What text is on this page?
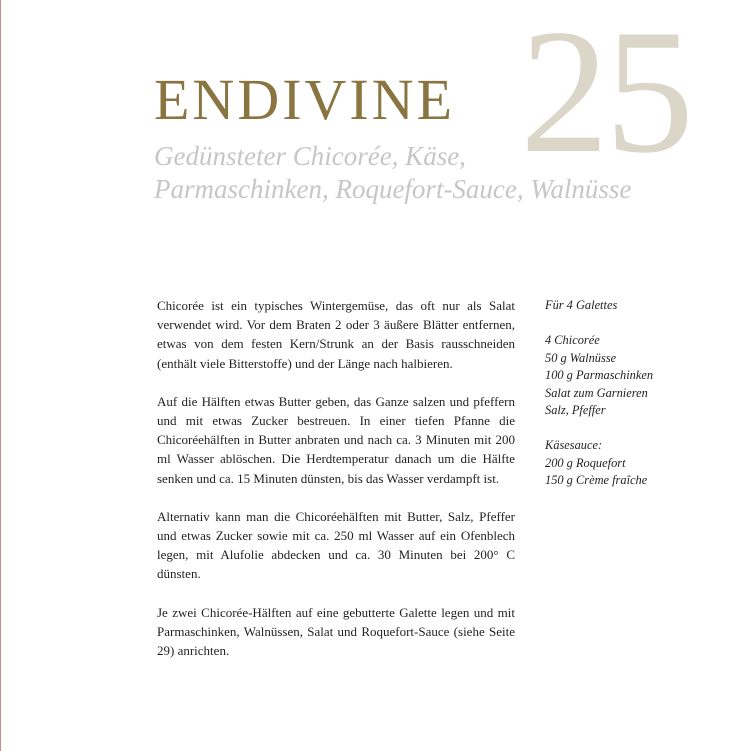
25
ENDIVINE
Gedünsteter Chicorée, Käse,
Parmaschinken, Roquefort-Sauce, Walnüsse

Chicorée ist ein typisches Wintergemüse, das oft nur als Salat verwendet wird. Vor dem Braten 2 oder 3 äußere Blätter entfernen, etwas von dem festen Kern/Strunk an der Basis rausschneiden (enthält viele Bitterstoffe) und der Länge nach halbieren.

Auf die Hälften etwas Butter geben, das Ganze salzen und pfeffern und mit etwas Zucker bestreuen. In einer tiefen Pfanne die Chicoréehälften in Butter anbraten und nach ca. 3 Minuten mit 200 ml Wasser ablöschen. Die Herdtemperatur danach um die Hälfte senken und ca. 15 Minuten dünsten, bis das Wasser verdampft ist.

Alternativ kann man die Chicoréehälften mit Butter, Salz, Pfeffer und etwas Zucker sowie mit ca. 250 ml Wasser auf ein Ofenblech legen, mit Alufolie abdecken und ca. 30 Minuten bei 200° C dünsten.

Je zwei Chicorée-Hälften auf eine gebutterte Galette legen und mit Parmaschinken, Walnüssen, Salat und Roquefort-Sauce (siehe Seite 29) anrichten.

Für 4 Galettes
4 Chicorée
50 g Walnüsse
100 g Parmaschinken
Salat zum Garnieren
Salz, Pfeffer
Käsesauce:
200 g Roquefort
150 g Crème fraîche
